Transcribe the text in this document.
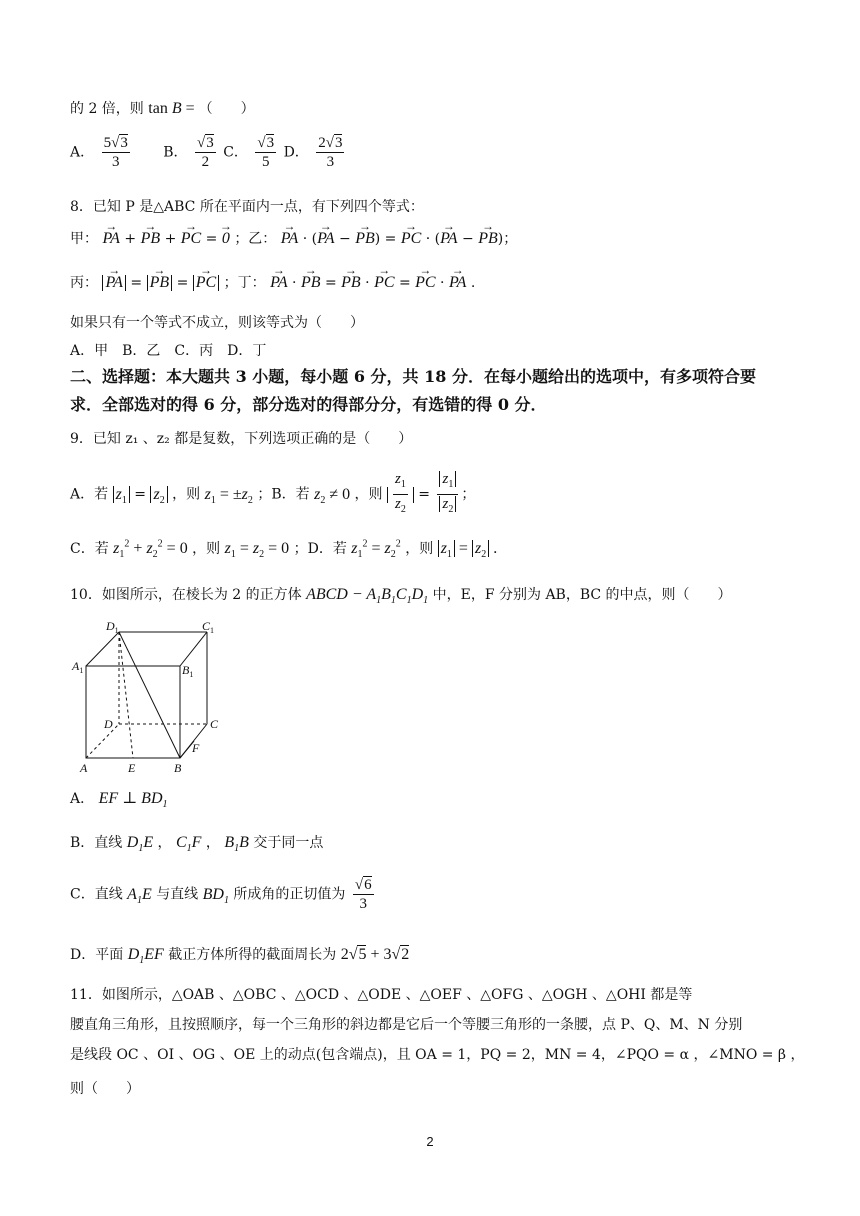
的 2 倍，则 tan B = （　　）
A． $\frac{5√3}{3}$ B． $\frac{√3}{2}$ C． $\frac{√3}{5}$ D． $\frac{2√3}{3}$
8．已知 P 是△ABC 所在平面内一点，有下列四个等式：
甲： → PA + → PB + → PC = → 0 ；乙： → PA · (→ PA − → PB) = → PC · (→ PA − → PB)；
丙： → PA = → PB = → PC ；丁： → PA · → PB = → PB · → PC = → PC · → PA .
如果只有一个等式不成立，则该等式为（　　）
A．甲　B．乙　C．丙　D．丁
二、选择题：本大题共 3 小题，每小题 6 分，共 18 分．在每小题给出的选项中，有多项符合要
求．全部选对的得 6 分，部分选对的得部分分，有选错的得 0 分．
9．已知 z₁ 、z₂ 都是复数，下列选项正确的是（　　）
A．若 $z_1 = z_2$ ，则 $z_1 = \pm z_2$ ；B．若 $z_2 \ne 0$ ，则 $\frac{z_1}{z_2} = \frac{z_1}{z_2}$ ；
C．若 $z_1^2 + z_2^2 = 0$ ，则 $z_1 = z_2 = 0$ ；D．若 $z_1^2 = z_2^2$ ，则 $z_1 = z_2$ .
10．如图所示，在棱长为 2 的正方体 ABCD − $A_1B_1C_1D_1$ 中，E，F 分别为 AB，BC 的中点，则（　　）
$D_1$	$C_1$
$A_1$	$B_1$
D	C
A	E	B
F
A． EF ⊥ $BD_1$
B．直线 $D_1E$ ， $C_1F$ ， $B_1B$ 交于同一点
C．直线 $A_1E$ 与直线 $BD_1$ 所成角的正切值为 $\frac{√6}{3}$
D．平面 $D_1EF$ 截正方体所得的截面周长为 2√5 + 3√2
11．如图所示，△OAB 、△OBC 、△OCD 、△ODE 、△OEF 、△OFG 、△OGH 、△OHI 都是等
腰直角三角形，且按照顺序，每一个三角形的斜边都是它后一个等腰三角形的一条腰，点 P、Q、M、N 分别
是线段 OC 、OI 、OG 、OE 上的动点(包含端点)，且 OA = 1，PQ = 2，MN = 4，∠PQO = α ，∠MNO = β ，
则（　　）
2
